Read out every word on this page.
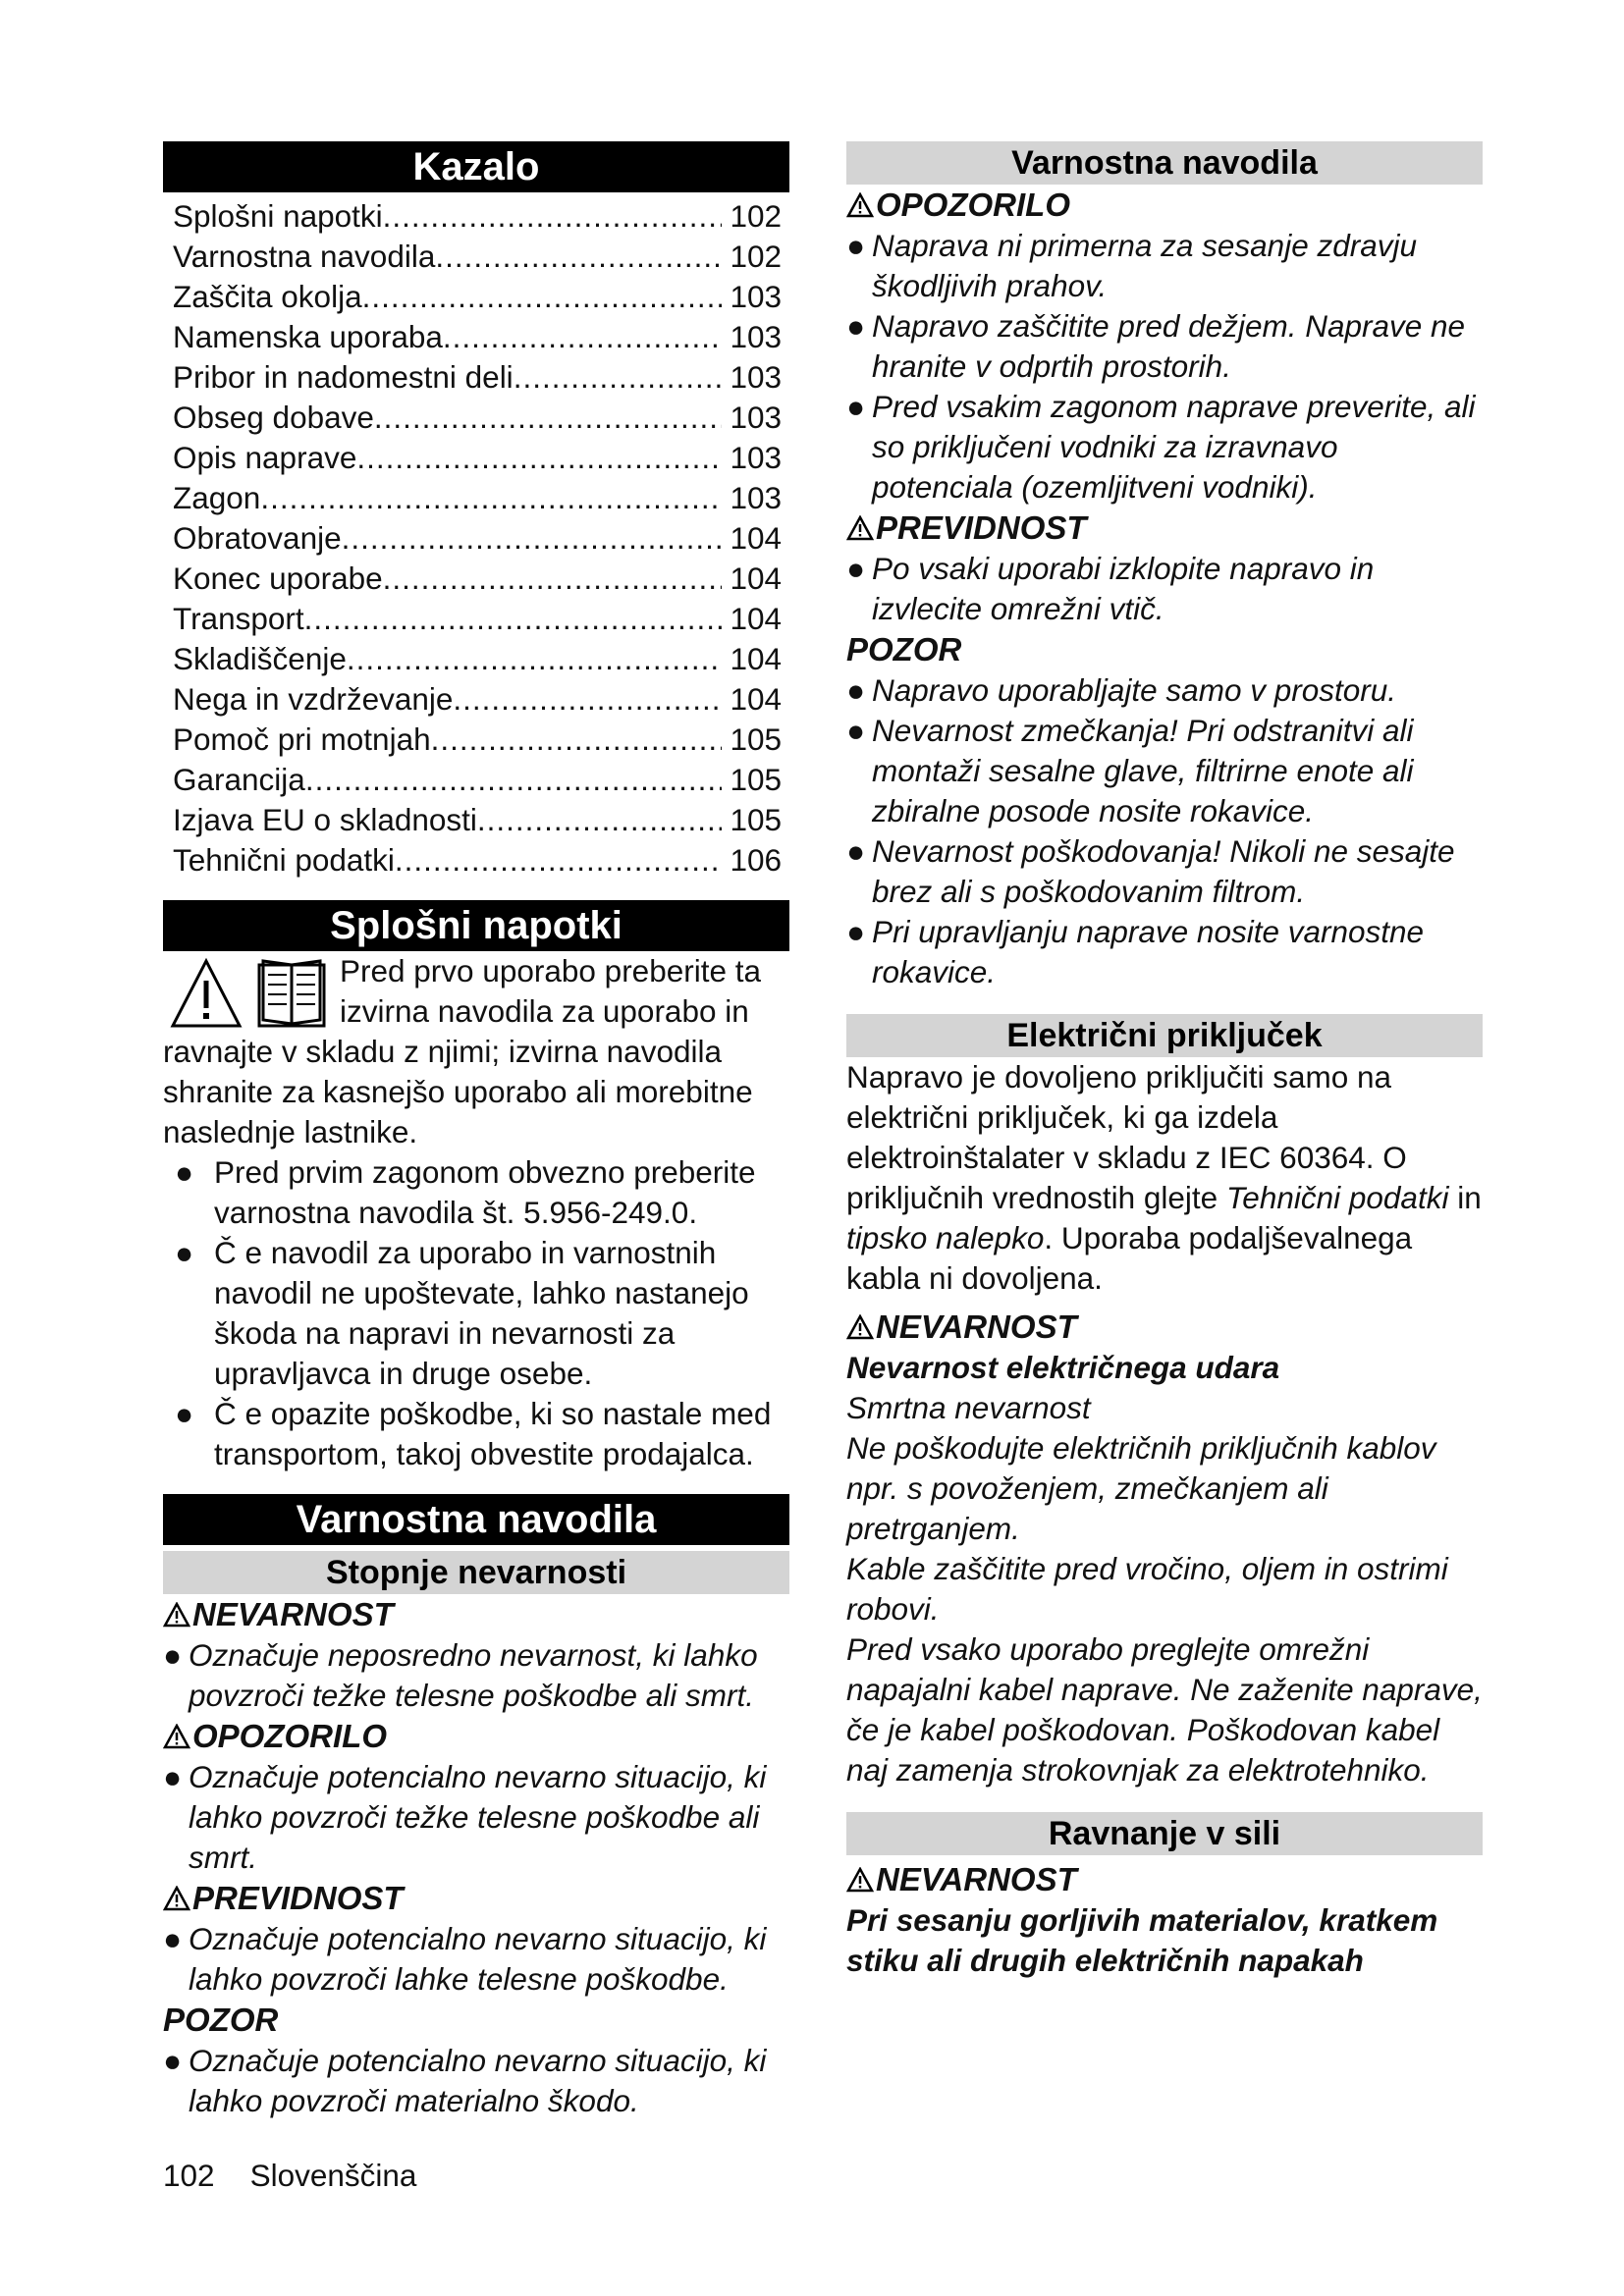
Kazalo
Splošni napotki .....	102
Varnostna navodila .....	102
Zaščita okolja .....	103
Namenska uporaba .....	103
Pribor in nadomestni deli .....	103
Obseg dobave .....	103
Opis naprave .....	103
Zagon .....	103
Obratovanje .....	104
Konec uporabe .....	104
Transport .....	104
Skladiščenje .....	104
Nega in vzdrževanje .....	104
Pomoč pri motnjah .....	105
Garancija .....	105
Izjava EU o skladnosti .....	105
Tehnični podatki .....	106
Splošni napotki
Pred prvo uporabo preberite ta
izvirna navodila za uporabo in
ravnajte v skladu z njimi; izvirna navodila shranite za kasnejšo uporabo ali morebitne naslednje lastnike.
● Pred prvim zagonom obvezno preberite varnostna navodila št. 5.956-249.0.
● Č e navodil za uporabo in varnostnih navodil ne upoštevate, lahko nastanejo škoda na napravi in nevarnosti za upravljavca in druge osebe.
● Č e opazite poškodbe, ki so nastale med transportom, takoj obvestite prodajalca.
Varnostna navodila
Stopnje nevarnosti
NEVARNOST
● Označuje neposredno nevarnost, ki lahko povzroči težke telesne poškodbe ali smrt.
OPOZORILO
● Označuje potencialno nevarno situacijo, ki lahko povzroči težke telesne poškodbe ali smrt.
PREVIDNOST
● Označuje potencialno nevarno situacijo, ki lahko povzroči lahke telesne poškodbe.
POZOR
● Označuje potencialno nevarno situacijo, ki lahko povzroči materialno škodo.
Varnostna navodila
OPOZORILO
● Naprava ni primerna za sesanje zdravju škodljivih prahov.
● Napravo zaščitite pred dežjem. Naprave ne hranite v odprtih prostorih.
● Pred vsakim zagonom naprave preverite, ali so priključeni vodniki za izravnavo potenciala (ozemljitveni vodniki).
PREVIDNOST
● Po vsaki uporabi izklopite napravo in izvlecite omrežni vtič.
POZOR
● Napravo uporabljajte samo v prostoru.
● Nevarnost zmečkanja! Pri odstranitvi ali montaži sesalne glave, filtrirne enote ali zbiralne posode nosite rokavice.
● Nevarnost poškodovanja! Nikoli ne sesajte brez ali s poškodovanim filtrom.
● Pri upravljanju naprave nosite varnostne rokavice.
Električni priključek

Napravo je dovoljeno priključiti samo na električni priključek, ki ga izdela elektroinštalater v skladu z IEC 60364. O priključnih vrednostih glejte Tehnični podatki in tipsko nalepko. Uporaba podaljševalnega kabla ni dovoljena.

NEVARNOST
Nevarnost električnega udara
Smrtna nevarnost
Ne poškodujte električnih priključnih kablov npr. s povoženjem, zmečkanjem ali pretrganjem.
Kable zaščitite pred vročino, oljem in ostrimi robovi.
Pred vsako uporabo preglejte omrežni napajalni kabel naprave. Ne zaženite naprave, če je kabel poškodovan. Poškodovan kabel naj zamenja strokovnjak za elektrotehniko.
Ravnanje v sili
NEVARNOST
Pri sesanju gorljivih materialov, kratkem stiku ali drugih električnih napakah
102 Slovenščina
